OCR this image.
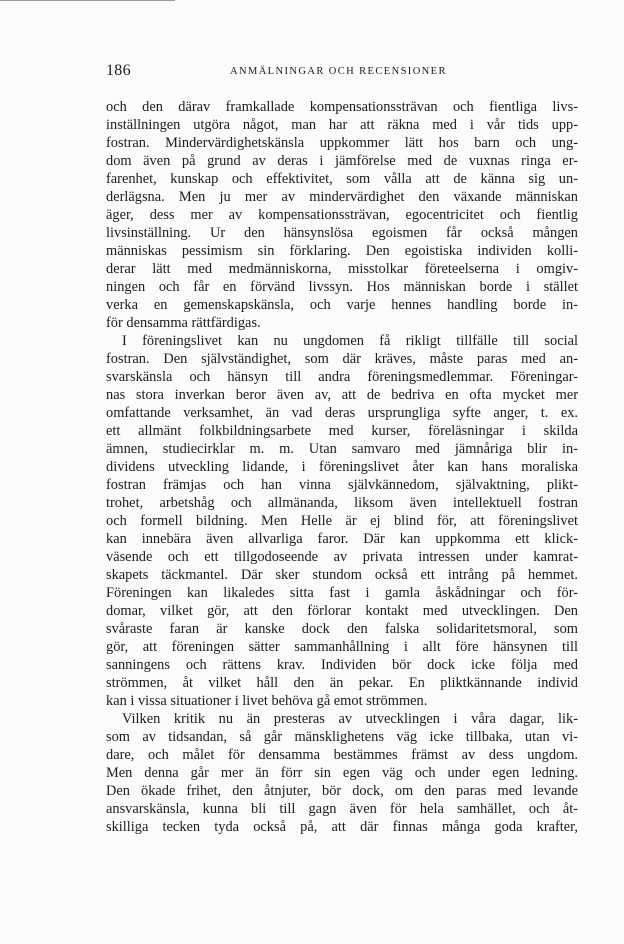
186	ANMÄLNINGAR OCH RECENSIONER
och den därav framkallade kompensationssträvan och fientliga livs-
inställningen utgöra något, man har att räkna med i vår tids upp-
fostran. Mindervärdighetskänsla uppkommer lätt hos barn och ung-
dom även på grund av deras i jämförelse med de vuxnas ringa er-
farenhet, kunskap och effektivitet, som vålla att de känna sig un-
derlägsna. Men ju mer av mindervärdighet den växande människan
äger, dess mer av kompensationssträvan, egocentricitet och fientlig
livsinställning. Ur den hänsynslösa egoismen får också mången
människas pessimism sin förklaring. Den egoistiska individen kolli-
derar lätt med medmänniskorna, misstolkar företeelserna i omgiv-
ningen och får en förvänd livssyn. Hos människan borde i stället
verka en gemenskapskänsla, och varje hennes handling borde in-
för densamma rättfärdigas.
I föreningslivet kan nu ungdomen få rikligt tillfälle till social
fostran. Den självständighet, som där kräves, måste paras med an-
svarskänsla och hänsyn till andra föreningsmedlemmar. Föreningar-
nas stora inverkan beror även av, att de bedriva en ofta mycket mer
omfattande verksamhet, än vad deras ursprungliga syfte anger, t. ex.
ett allmänt folkbildningsarbete med kurser, föreläsningar i skilda
ämnen, studiecirklar m. m. Utan samvaro med jämnåriga blir in-
dividens utveckling lidande, i föreningslivet åter kan hans moraliska
fostran främjas och han vinna självkännedom, självaktning, plikt-
trohet, arbetshåg och allmänanda, liksom även intellektuell fostran
och formell bildning. Men Helle är ej blind för, att föreningslivet
kan innebära även allvarliga faror. Där kan uppkomma ett klick-
väsende och ett tillgodoseende av privata intressen under kamrat-
skapets täckmantel. Där sker stundom också ett intrång på hemmet.
Föreningen kan likaledes sitta fast i gamla åskådningar och för-
domar, vilket gör, att den förlorar kontakt med utvecklingen. Den
svåraste faran är kanske dock den falska solidaritetsmoral, som
gör, att föreningen sätter sammanhållning i allt före hänsynen till
sanningens och rättens krav. Individen bör dock icke följa med
strömmen, åt vilket håll den än pekar. En pliktkännande individ
kan i vissa situationer i livet behöva gå emot strömmen.
Vilken kritik nu än presteras av utvecklingen i våra dagar, lik-
som av tidsandan, så går mänsklighetens väg icke tillbaka, utan vi-
dare, och målet för densamma bestämmes främst av dess ungdom.
Men denna går mer än förr sin egen väg och under egen ledning.
Den ökade frihet, den åtnjuter, bör dock, om den paras med levande
ansvarskänsla, kunna bli till gagn även för hela samhället, och åt-
skilliga tecken tyda också på, att där finnas många goda krafter,
